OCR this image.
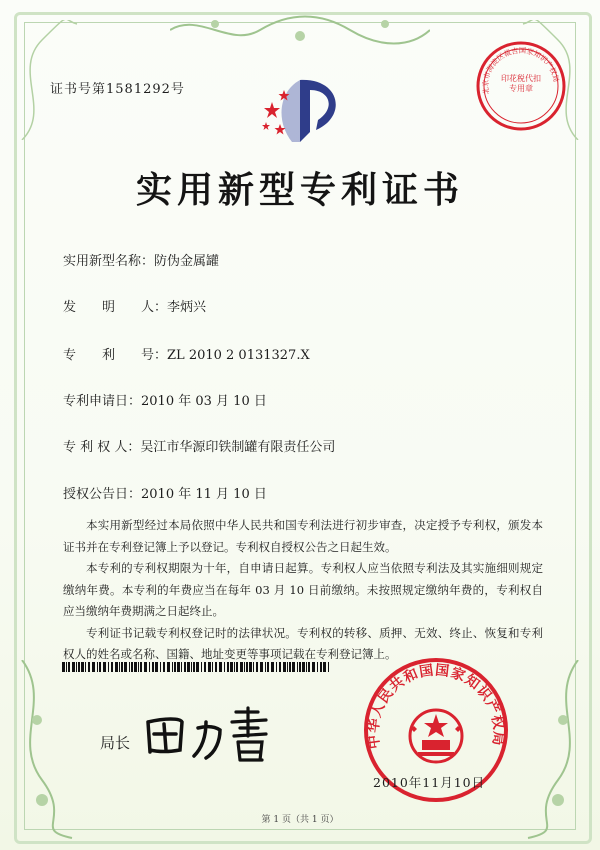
证书号第1581292号	北京市海淀区裁吉国家知识产权局
印花税代扣专用章
实用新型专利证书
实用新型名称：防伪金属罐
发　　明　　人：李炳兴
专　　利　　号：ZL 2010 2 0131327.X
专利申请日：2010 年 03 月 10 日
专 利 权 人：吴江市华源印铁制罐有限责任公司
授权公告日：2010 年 11 月 10 日

本实用新型经过本局依照中华人民共和国专利法进行初步审查，决定授予专利权，颁发本证书并在专利登记簿上予以登记。专利权自授权公告之日起生效。

本专利的专利权期限为十年，自申请日起算。专利权人应当依照专利法及其实施细则规定缴纳年费。本专利的年费应当在每年 03 月 10 日前缴纳。未按照规定缴纳年费的，专利权自应当缴纳年费期满之日起终止。

专利证书记载专利权登记时的法律状况。专利权的转移、质押、无效、终止、恢复和专利权人的姓名或名称、国籍、地址变更等事项记载在专利登记簿上。

局长	中华人民共和国国家知识产权局
2010年11月10日
第 1 页（共 1 页）
